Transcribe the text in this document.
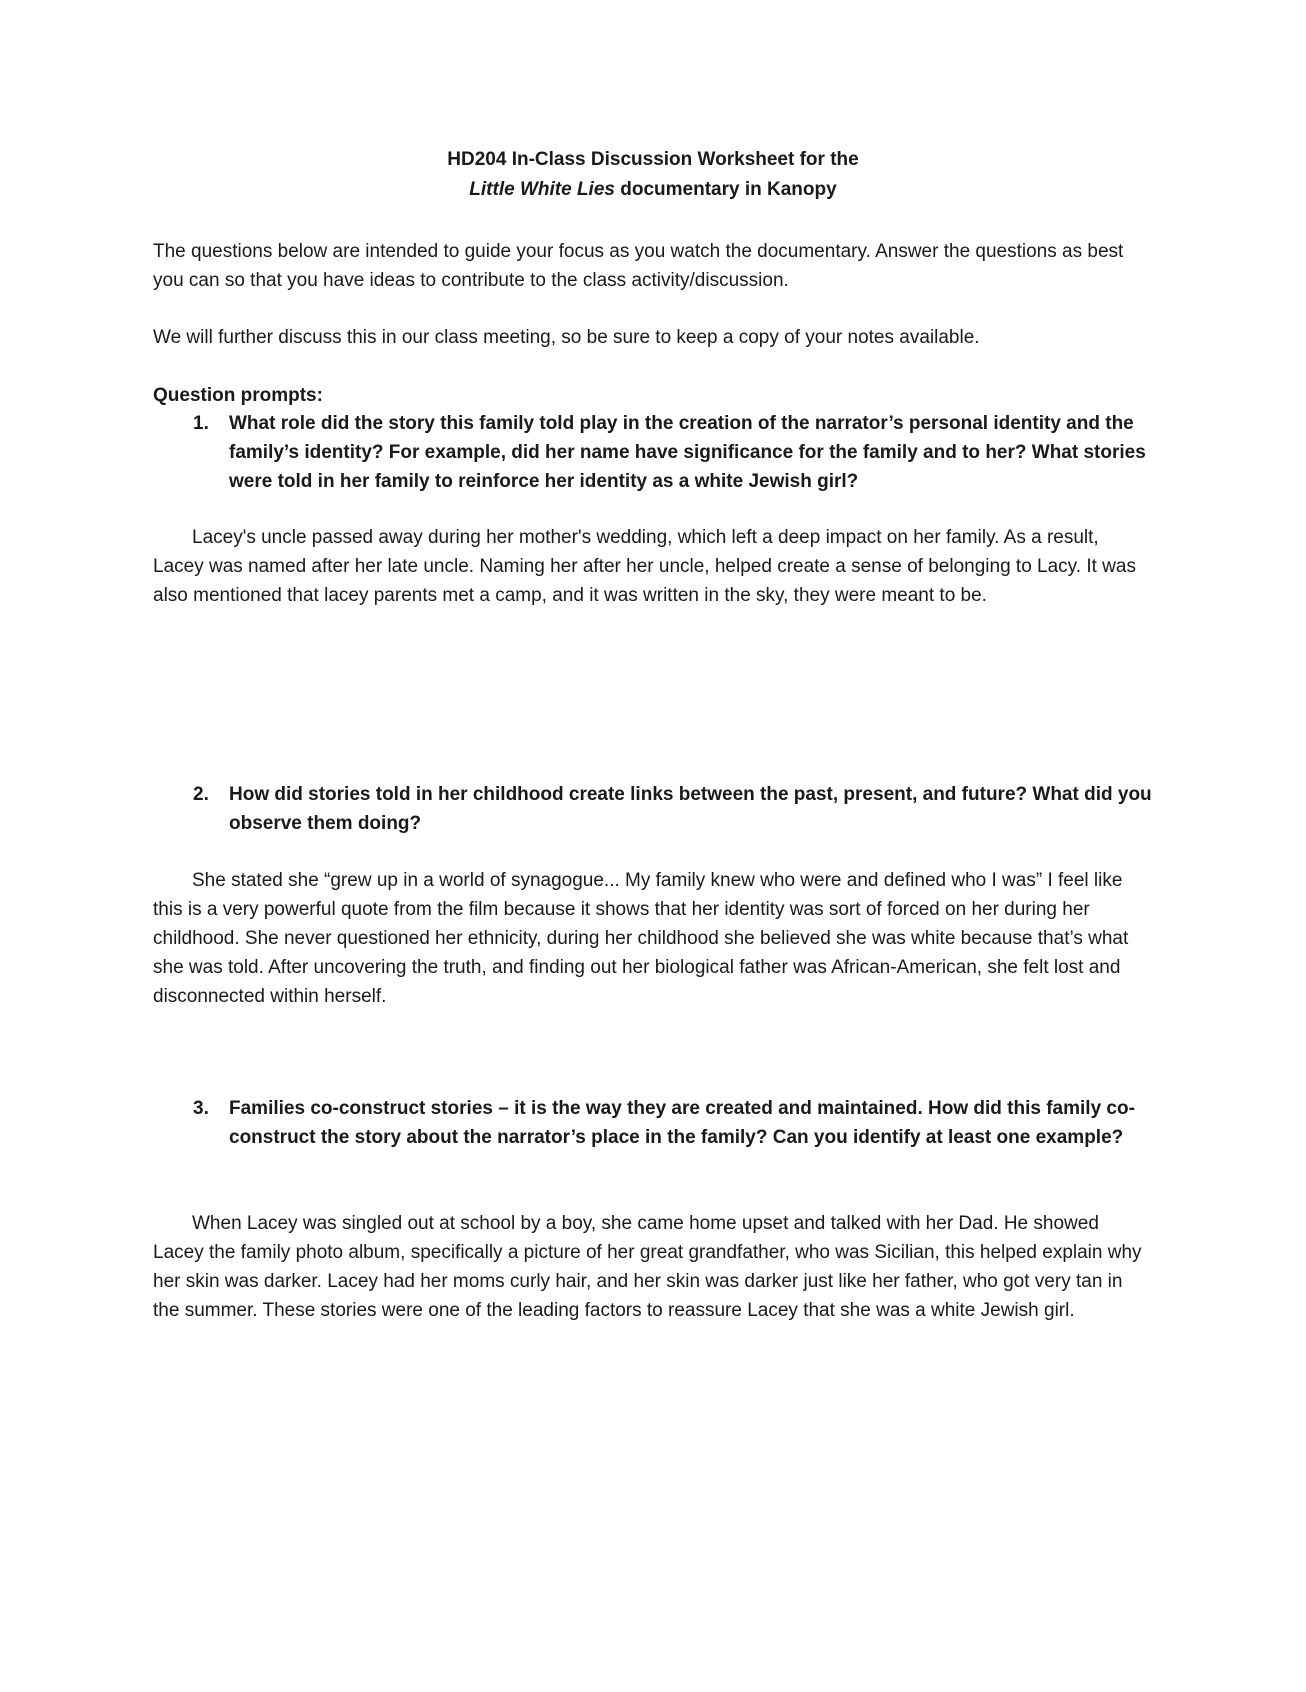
HD204 In-Class Discussion Worksheet for the
Little White Lies documentary in Kanopy
The questions below are intended to guide your focus as you watch the documentary. Answer the questions as best you can so that you have ideas to contribute to the class activity/discussion.
We will further discuss this in our class meeting, so be sure to keep a copy of your notes available.
Question prompts:
1.	What role did the story this family told play in the creation of the narrator’s personal identity and the family’s identity? For example, did her name have significance for the family and to her? What stories were told in her family to reinforce her identity as a white Jewish girl?
Lacey's uncle passed away during her mother's wedding, which left a deep impact on her family. As a result, Lacey was named after her late uncle. Naming her after her uncle, helped create a sense of belonging to Lacy. It was also mentioned that lacey parents met a camp, and it was written in the sky, they were meant to be.
2.	How did stories told in her childhood create links between the past, present, and future? What did you observe them doing?
She stated she “grew up in a world of synagogue... My family knew who were and defined who I was” I feel like this is a very powerful quote from the film because it shows that her identity was sort of forced on her during her childhood. She never questioned her ethnicity, during her childhood she believed she was white because that’s what she was told. After uncovering the truth, and finding out her biological father was African-American, she felt lost and disconnected within herself.
3.	Families co-construct stories – it is the way they are created and maintained. How did this family co-construct the story about the narrator’s place in the family? Can you identify at least one example?
When Lacey was singled out at school by a boy, she came home upset and talked with her Dad. He showed Lacey the family photo album, specifically a picture of her great grandfather, who was Sicilian, this helped explain why her skin was darker. Lacey had her moms curly hair, and her skin was darker just like her father, who got very tan in the summer. These stories were one of the leading factors to reassure Lacey that she was a white Jewish girl.
